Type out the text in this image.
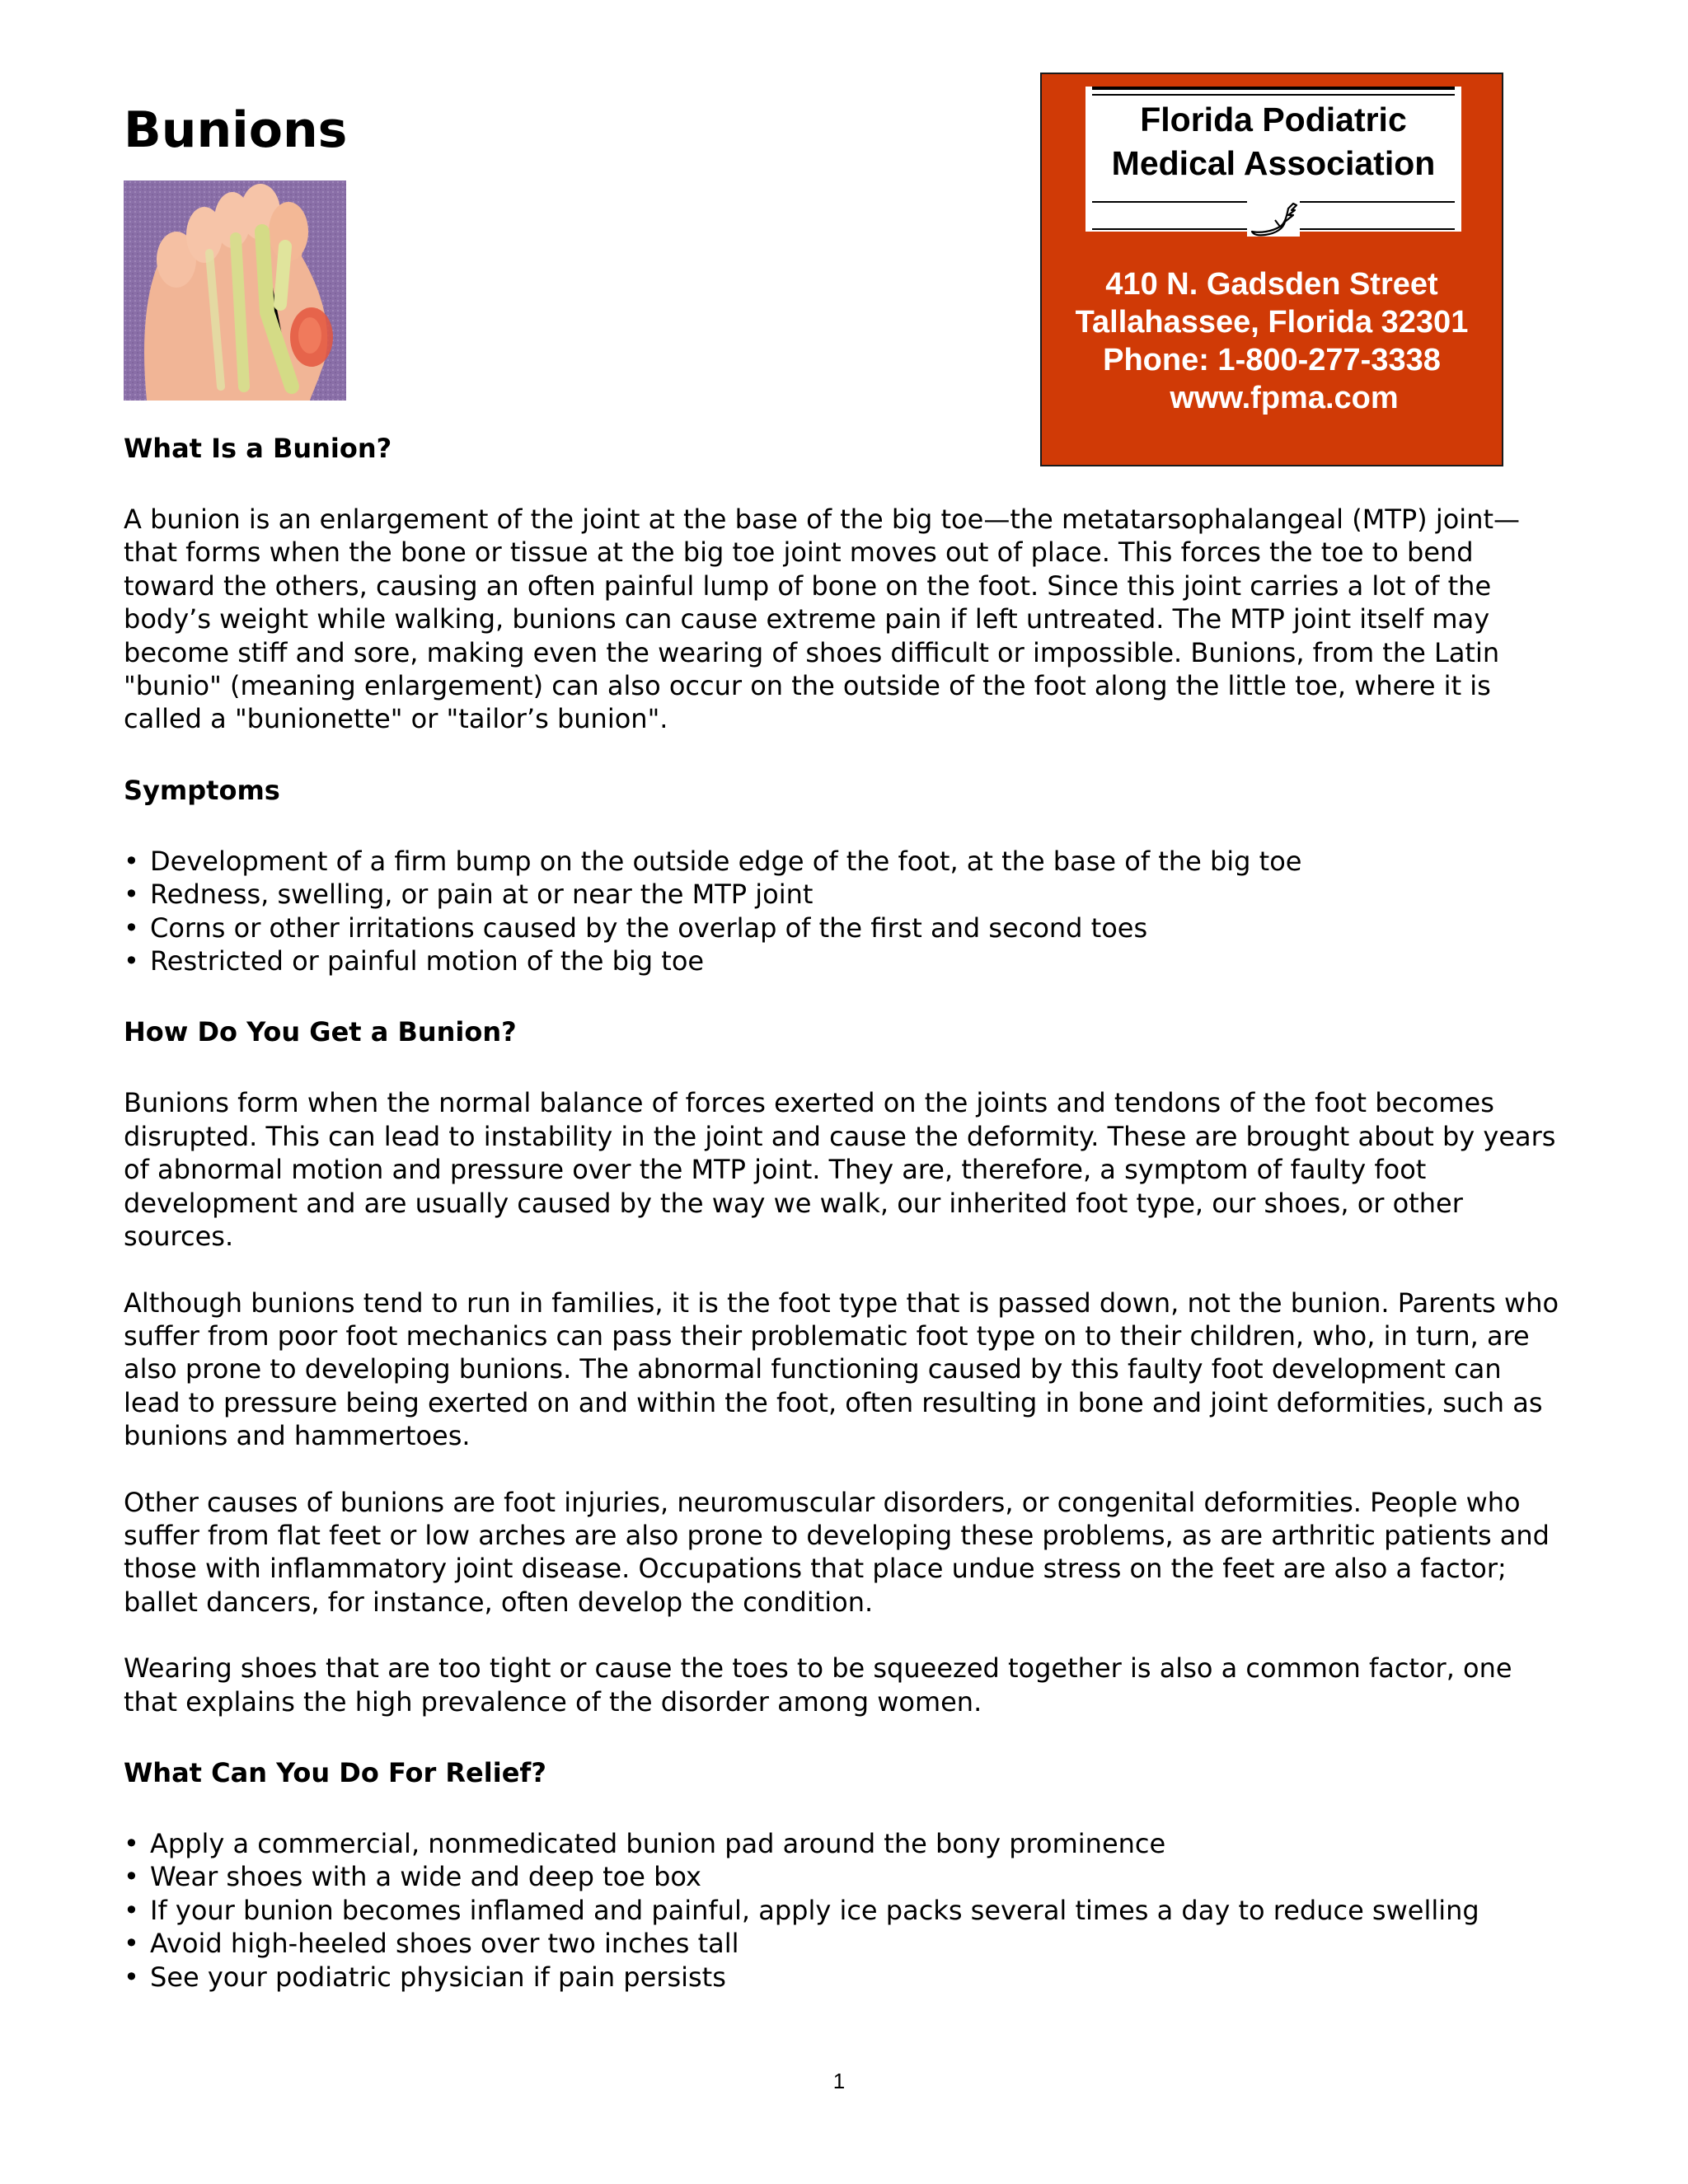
Bunions	Florida Podiatric
Medical Association
410 N. Gadsden Street
Tallahassee, Florida 32301
Phone: 1-800-277-3338
www.fpma.com
What Is a Bunion?

A bunion is an enlargement of the joint at the base of the big toe—the metatarsophalangeal (MTP) joint—that forms when the bone or tissue at the big toe joint moves out of place. This forces the toe to bend toward the others, causing an often painful lump of bone on the foot. Since this joint carries a lot of the body’s weight while walking, bunions can cause extreme pain if left untreated. The MTP joint itself may become stiff and sore, making even the wearing of shoes difficult or impossible. Bunions, from the Latin "bunio" (meaning enlargement) can also occur on the outside of the foot along the little toe, where it is called a "bunionette" or "tailor’s bunion".

Symptoms
• Development of a firm bump on the outside edge of the foot, at the base of the big toe
• Redness, swelling, or pain at or near the MTP joint
• Corns or other irritations caused by the overlap of the first and second toes
• Restricted or painful motion of the big toe
How Do You Get a Bunion?

Bunions form when the normal balance of forces exerted on the joints and tendons of the foot becomes disrupted. This can lead to instability in the joint and cause the deformity. These are brought about by years of abnormal motion and pressure over the MTP joint. They are, therefore, a symptom of faulty foot development and are usually caused by the way we walk, our inherited foot type, our shoes, or other sources.

Although bunions tend to run in families, it is the foot type that is passed down, not the bunion. Parents who suffer from poor foot mechanics can pass their problematic foot type on to their children, who, in turn, are also prone to developing bunions. The abnormal functioning caused by this faulty foot development can lead to pressure being exerted on and within the foot, often resulting in bone and joint deformities, such as bunions and hammertoes.

Other causes of bunions are foot injuries, neuromuscular disorders, or congenital deformities. People who suffer from flat feet or low arches are also prone to developing these problems, as are arthritic patients and those with inflammatory joint disease. Occupations that place undue stress on the feet are also a factor; ballet dancers, for instance, often develop the condition.

Wearing shoes that are too tight or cause the toes to be squeezed together is also a common factor, one that explains the high prevalence of the disorder among women.

What Can You Do For Relief?
• Apply a commercial, nonmedicated bunion pad around the bony prominence
• Wear shoes with a wide and deep toe box
• If your bunion becomes inflamed and painful, apply ice packs several times a day to reduce swelling
• Avoid high-heeled shoes over two inches tall
• See your podiatric physician if pain persists
1
